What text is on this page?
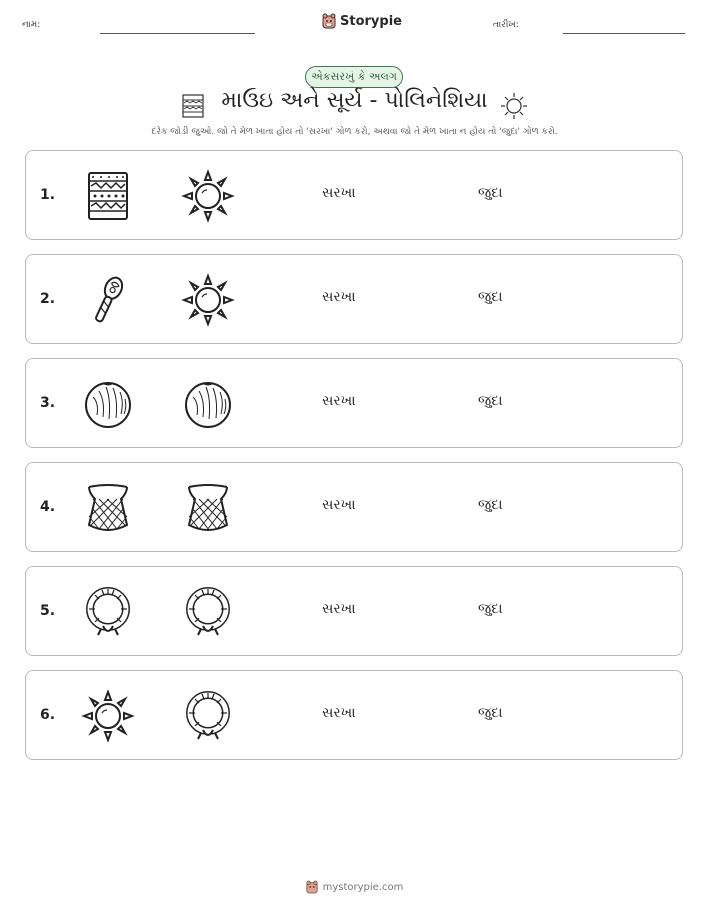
નામ:	Storypie	તારીખ:
એકસરખું કે અલગ
માઉઇ અને સૂર્ય - પોલિનેશિયા
દરેક જોડી જુઓ. જો તે મેળ ખાતા હોય તો 'સરખા' ગોળ કરો, અથવા જો તે મેળ ખાતા ન હોય તો 'જુદા' ગોળ કરો.
1.	સરખા	જુદા
2.	સરખા	જુદા
3.	સરખા	જુદા
4.	સરખા	જુદા
5.	સરખા	જુદા
6.	સરખા	જુદા
mystorypie.com
